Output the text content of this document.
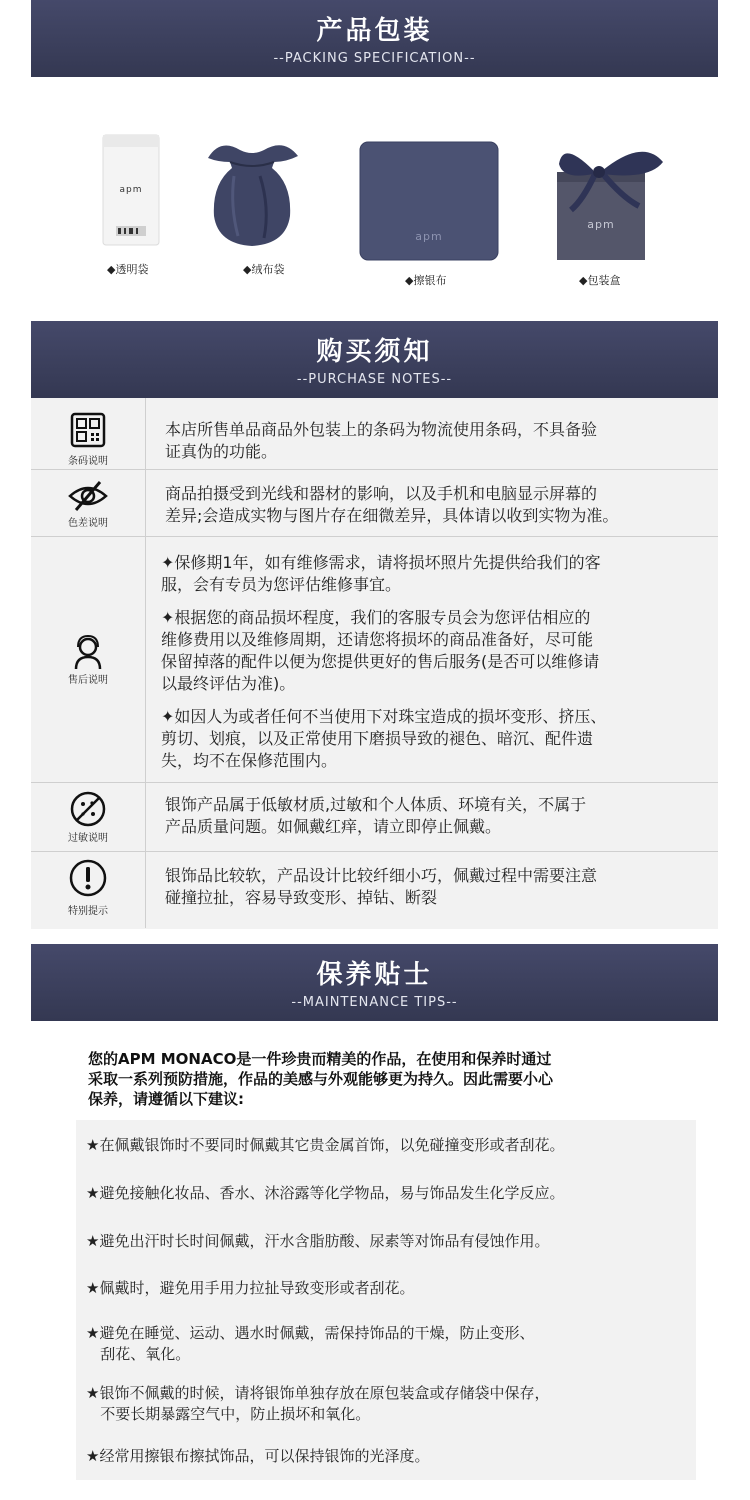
产品包装
--PACKING SPECIFICATION--
apm
◆透明袋	◆绒布袋
apm
◆擦银布
apm
◆包装盒
购买须知
--PURCHASE NOTES--
条码说明

本店所售单品商品外包装上的条码为物流使用条码，不具备验

证真伪的功能。

色差说明

商品拍摄受到光线和器材的影响，以及手机和电脑显示屏幕的

差异;会造成实物与图片存在细微差异，具体请以收到实物为准。

售后说明

✦保修期1年，如有维修需求，请将损坏照片先提供给我们的客

服，会有专员为您评估维修事宜。

✦根据您的商品损坏程度，我们的客服专员会为您评估相应的

维修费用以及维修周期，还请您将损坏的商品准备好，尽可能

保留掉落的配件以便为您提供更好的售后服务(是否可以维修请

以最终评估为准)。

✦如因人为或者任何不当使用下对珠宝造成的损坏变形、挤压、

剪切、划痕，以及正常使用下磨损导致的褪色、暗沉、配件遗

失，均不在保修范围内。

过敏说明

银饰产品属于低敏材质,过敏和个人体质、环境有关，不属于

产品质量问题。如佩戴红痒，请立即停止佩戴。

特别提示

银饰品比较软，产品设计比较纤细小巧，佩戴过程中需要注意

碰撞拉扯，容易导致变形、掉钻、断裂

保养贴士
--MAINTENANCE TIPS--
您的APM MONACO是一件珍贵而精美的作品，在使用和保养时通过
采取一系列预防措施，作品的美感与外观能够更为持久。因此需要小心
保养，请遵循以下建议:
★在佩戴银饰时不要同时佩戴其它贵金属首饰，以免碰撞变形或者刮花。
★避免接触化妆品、香水、沐浴露等化学物品，易与饰品发生化学反应。
★避免出汗时长时间佩戴，汗水含脂肪酸、尿素等对饰品有侵蚀作用。
★佩戴时，避免用手用力拉扯导致变形或者刮花。
★避免在睡觉、运动、遇水时佩戴，需保持饰品的干燥，防止变形、
刮花、氧化。
★银饰不佩戴的时候，请将银饰单独存放在原包装盒或存储袋中保存，
不要长期暴露空气中，防止损坏和氧化。
★经常用擦银布擦拭饰品，可以保持银饰的光泽度。
